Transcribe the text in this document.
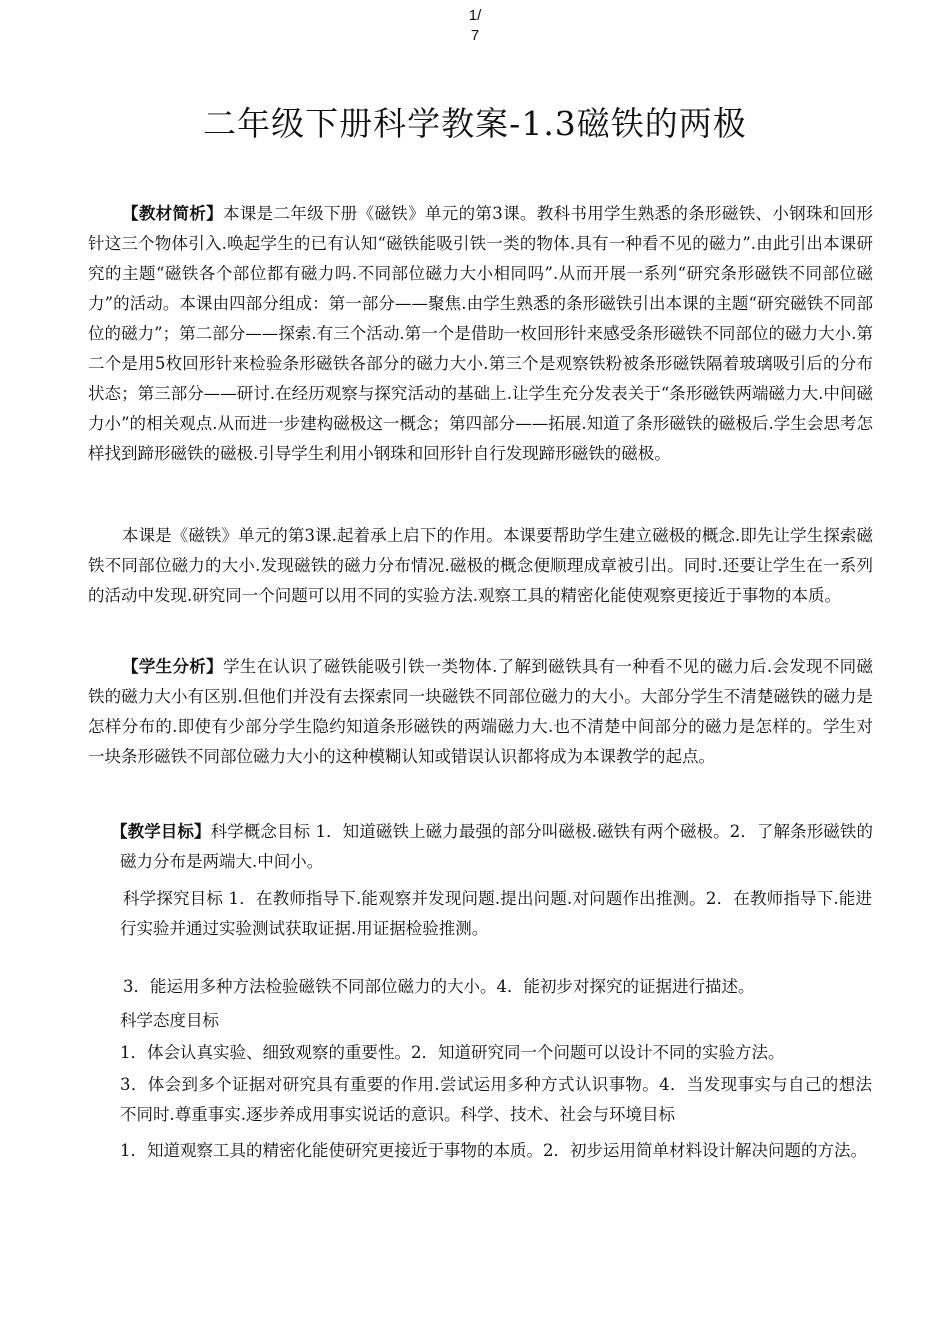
1/
7
二年级下册科学教案-1.3磁铁的两极

【教材简析】本课是二年级下册《磁铁》单元的第3课。教科书用学生熟悉的条形磁铁、小钢珠和回形针这三个物体引入.唤起学生的已有认知“磁铁能吸引铁一类的物体.具有一种看不见的磁力”.由此引出本课研究的主题“磁铁各个部位都有磁力吗.不同部位磁力大小相同吗”.从而开展一系列“研究条形磁铁不同部位磁力”的活动。本课由四部分组成：第一部分——聚焦.由学生熟悉的条形磁铁引出本课的主题“研究磁铁不同部位的磁力”；第二部分——探索.有三个活动.第一个是借助一枚回形针来感受条形磁铁不同部位的磁力大小.第二个是用5枚回形针来检验条形磁铁各部分的磁力大小.第三个是观察铁粉被条形磁铁隔着玻璃吸引后的分布状态；第三部分——研讨.在经历观察与探究活动的基础上.让学生充分发表关于“条形磁铁两端磁力大.中间磁力小”的相关观点.从而进一步建构磁极这一概念；第四部分——拓展.知道了条形磁铁的磁极后.学生会思考怎样找到蹄形磁铁的磁极.引导学生利用小钢珠和回形针自行发现蹄形磁铁的磁极。

本课是《磁铁》单元的第3课.起着承上启下的作用。本课要帮助学生建立磁极的概念.即先让学生探索磁铁不同部位磁力的大小.发现磁铁的磁力分布情况.磁极的概念便顺理成章被引出。同时.还要让学生在一系列的活动中发现.研究同一个问题可以用不同的实验方法.观察工具的精密化能使观察更接近于事物的本质。

【学生分析】学生在认识了磁铁能吸引铁一类物体.了解到磁铁具有一种看不见的磁力后.会发现不同磁铁的磁力大小有区别.但他们并没有去探索同一块磁铁不同部位磁力的大小。大部分学生不清楚磁铁的磁力是怎样分布的.即使有少部分学生隐约知道条形磁铁的两端磁力大.也不清楚中间部分的磁力是怎样的。学生对一块条形磁铁不同部位磁力大小的这种模糊认知或错误认识都将成为本课教学的起点。

【教学目标】科学概念目标 1．知道磁铁上磁力最强的部分叫磁极.磁铁有两个磁极。2．了解条形磁铁的磁力分布是两端大.中间小。

科学探究目标 1．在教师指导下.能观察并发现问题.提出问题.对问题作出推测。2．在教师指导下.能进行实验并通过实验测试获取证据.用证据检验推测。

3．能运用多种方法检验磁铁不同部位磁力的大小。4．能初步对探究的证据进行描述。

科学态度目标

1．体会认真实验、细致观察的重要性。2．知道研究同一个问题可以设计不同的实验方法。

3．体会到多个证据对研究具有重要的作用.尝试运用多种方式认识事物。4．当发现事实与自己的想法不同时.尊重事实.逐步养成用事实说话的意识。科学、技术、社会与环境目标

1．知道观察工具的精密化能使研究更接近于事物的本质。2．初步运用简单材料设计解决问题的方法。
